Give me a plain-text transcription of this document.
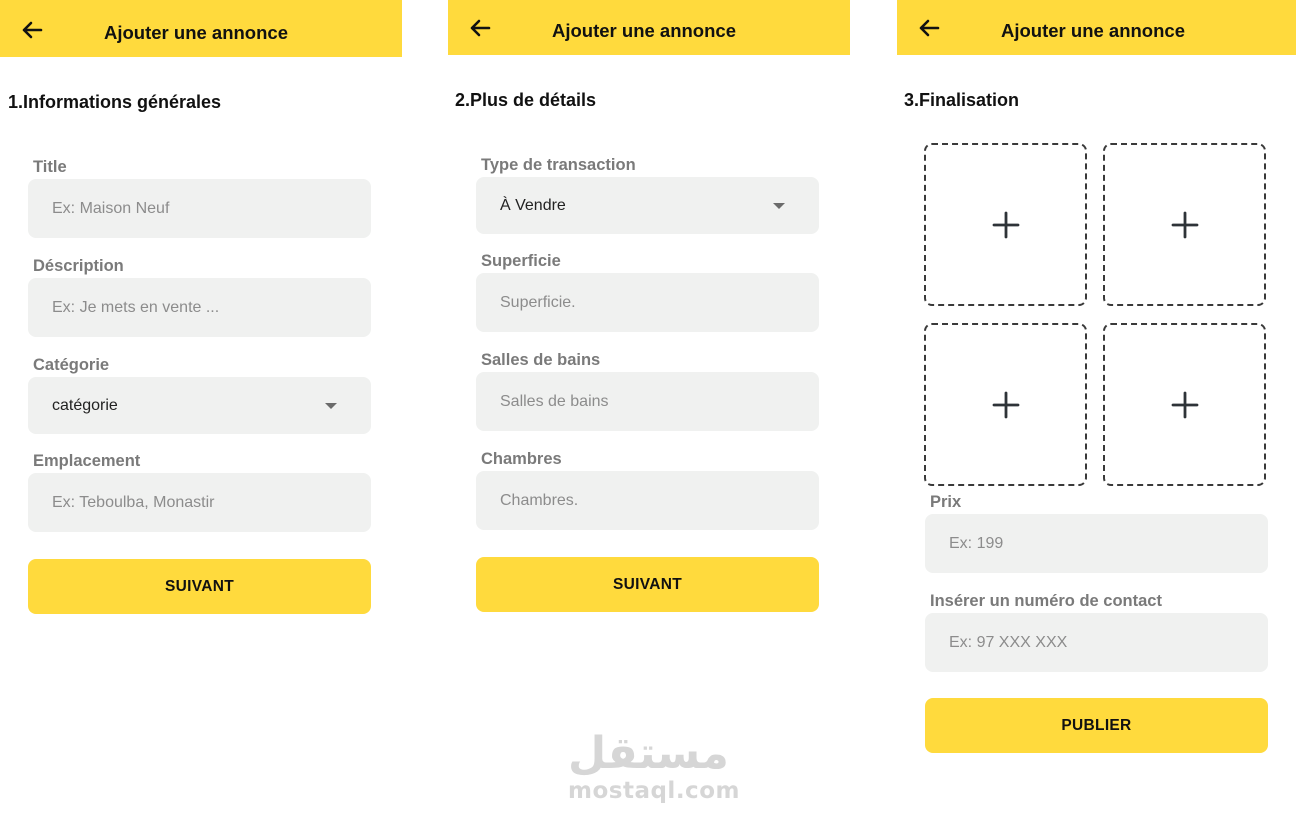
Ajouter une annonce
1.Informations générales
Title
Ex: Maison Neuf
Déscription
Ex: Je mets en vente ...
Catégorie
catégorie
Emplacement
Ex: Teboulba, Monastir
SUIVANT
Ajouter une annonce
2.Plus de détails
Type de transaction
À Vendre
Superficie
Superficie.
Salles de bains
Salles de bains
Chambres
Chambres.
SUIVANT
Ajouter une annonce
3.Finalisation
Prix
Ex: 199
Insérer un numéro de contact
Ex: 97 XXX XXX
PUBLIER
مستقل
mostaql.com
